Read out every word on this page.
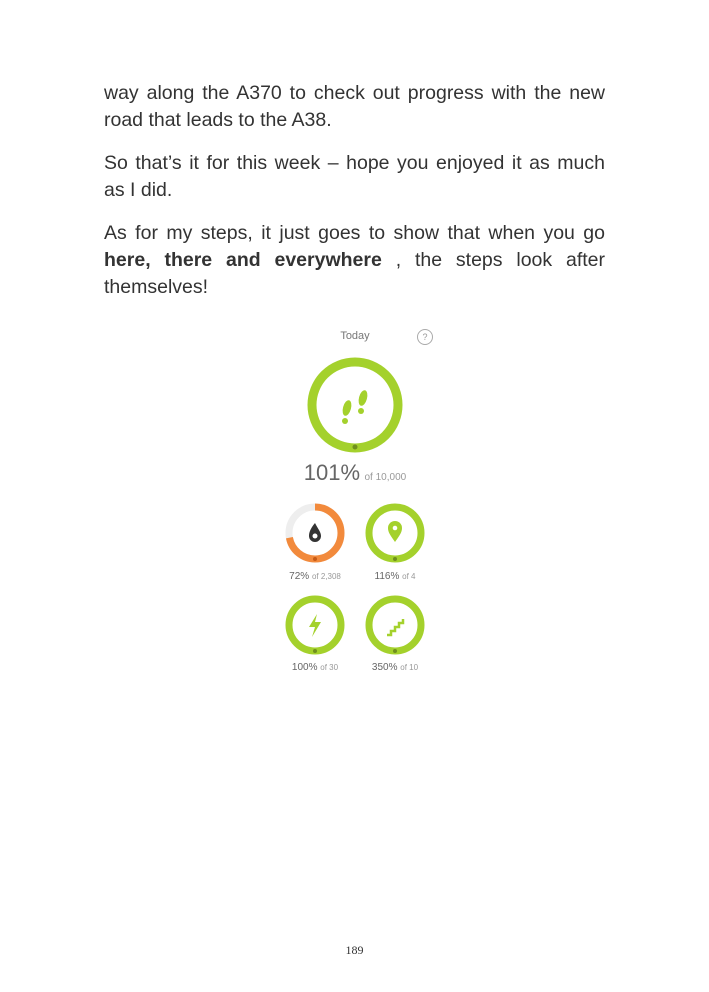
way along the A370 to check out progress with the new road that leads to the A38.

So that’s it for this week – hope you enjoyed it as much as I did.

As for my steps, it just goes to show that when you go here, there and everywhere , the steps look after themselves!

Today	?
101% of 10,000
72% of 2,308	116% of 4
100% of 30	350% of 10
189
